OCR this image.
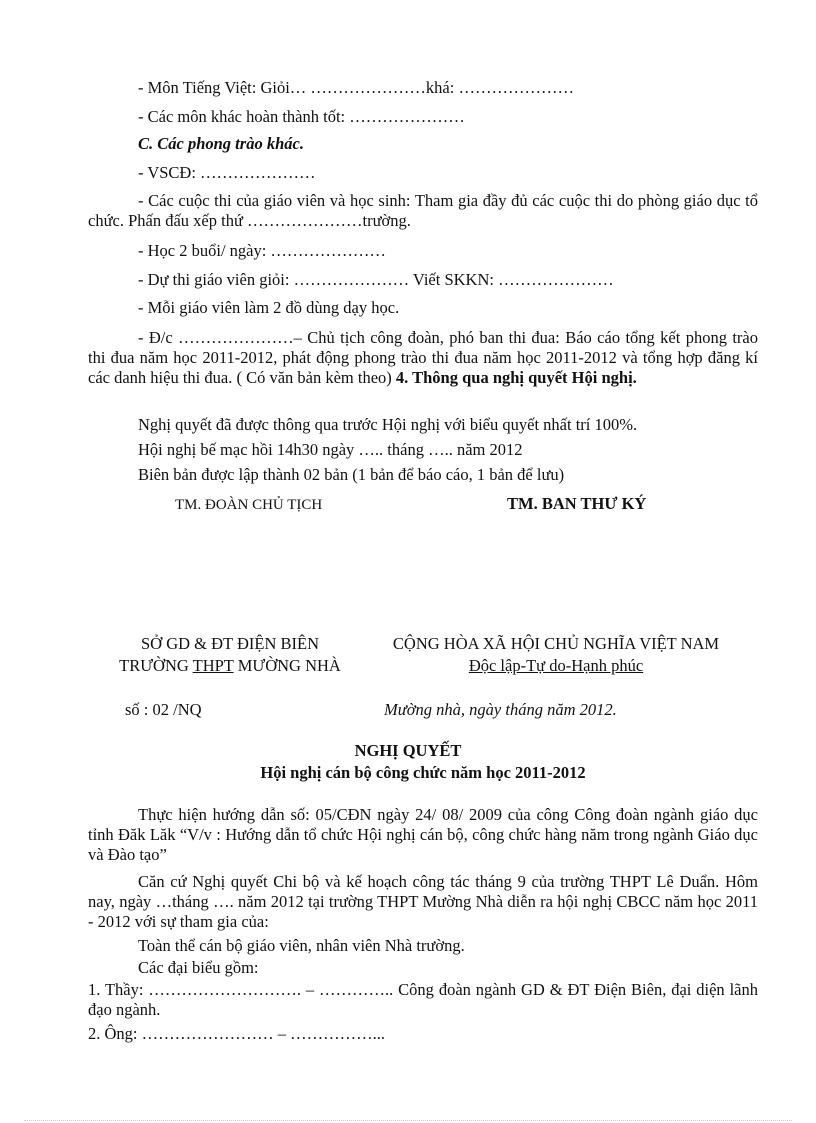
- Môn Tiếng Việt: Giỏi… …………………khá: …………………
- Các môn khác hoàn thành tốt: …………………
C. Các phong trào khác.
- VSCĐ: …………………
- Các cuộc thi của giáo viên và học sinh: Tham gia đầy đủ các cuộc thi do phòng giáo dục tổ chức. Phấn đấu xếp thứ …………………trường.
- Học 2 buổi/ ngày: …………………
- Dự thi giáo viên giỏi: ………………… Viết SKKN: …………………
- Mỗi giáo viên làm 2 đồ dùng dạy học.
- Đ/c …………………– Chủ tịch công đoàn, phó ban thi đua: Báo cáo tổng kết phong trào thi đua năm học 2011-2012, phát động phong trào thi đua năm học 2011-2012 và tổng hợp đăng kí các danh hiệu thi đua. ( Có văn bản kèm theo) 4. Thông qua nghị quyết Hội nghị.
Nghị quyết đã được thông qua trước Hội nghị với biểu quyết nhất trí 100%.
Hội nghị bế mạc hồi 14h30 ngày ….. tháng ….. năm 2012
Biên bản được lập thành 02 bản (1 bản để báo cáo, 1 bản để lưu)
TM. ĐOÀN CHỦ TỊCH	TM. BAN THƯ KÝ
SỞ GD & ĐT ĐIỆN BIÊN
TRƯỜNG THPT MƯỜNG NHÀ
CỘNG HÒA XÃ HỘI CHỦ NGHĨA VIỆT NAM
Độc lập-Tự do-Hạnh phúc
số : 02 /NQ	Mường nhà, ngày tháng năm 2012.
NGHỊ QUYẾT
Hội nghị cán bộ công chức năm học 2011-2012
Thực hiện hướng dẫn số: 05/CĐN ngày 24/ 08/ 2009 của công Công đoàn ngành giáo dục tỉnh Đăk Lăk “V/v : Hướng dẫn tổ chức Hội nghị cán bộ, công chức hàng năm trong ngành Giáo dục và Đào tạo”
Căn cứ Nghị quyết Chi bộ và kế hoạch công tác tháng 9 của trường THPT Lê Duẩn. Hôm nay, ngày …tháng …. năm 2012 tại trường THPT Mường Nhà diễn ra hội nghị CBCC năm học 2011 - 2012 với sự tham gia của:
Toàn thể cán bộ giáo viên, nhân viên Nhà trường.
Các đại biểu gồm:
1. Thầy: ………………………. – ………….. Công đoàn ngành GD & ĐT Điện Biên, đại diện lãnh đạo ngành.
2. Ông: …………………… – ……………...
